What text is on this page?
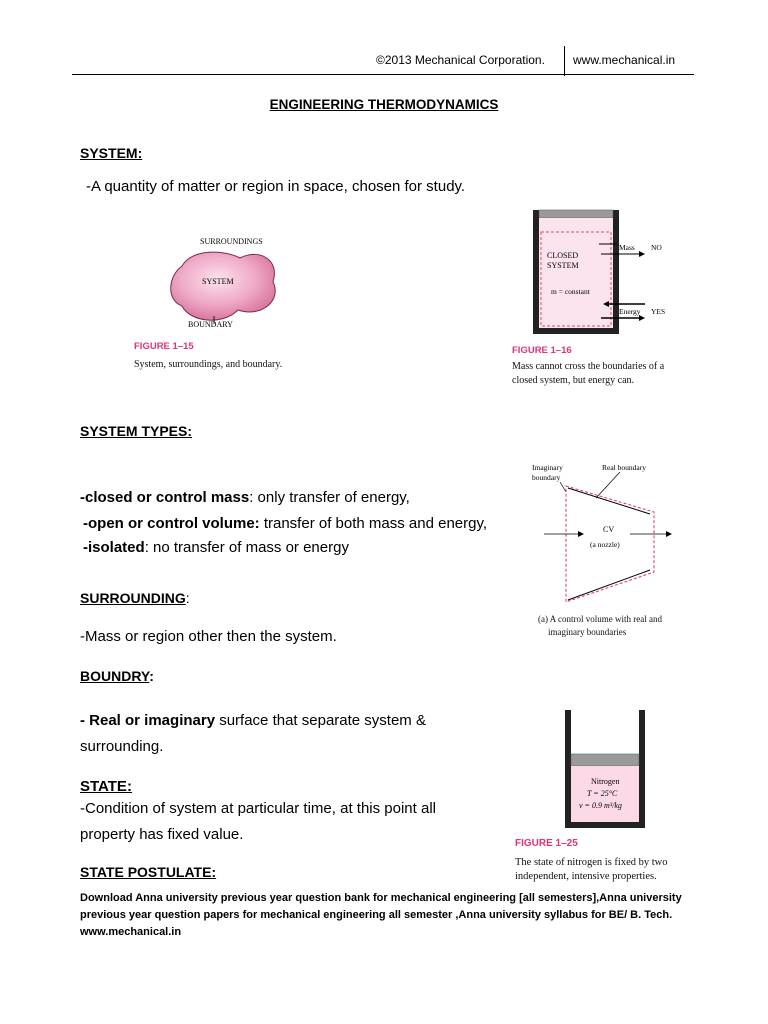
©2013 Mechanical Corporation. www.mechanical.in
ENGINEERING THERMODYNAMICS
SYSTEM:
-A quantity of matter or region in space, chosen for study.
SURROUNDINGS
SYSTEM
BOUNDARY
FIGURE 1–15
System, surroundings, and boundary.
CLOSED
SYSTEM
m = constant
Mass NO
Energy YES
FIGURE 1–16
Mass cannot cross the boundaries of a
closed system, but energy can.
SYSTEM TYPES:
-closed or control mass: only transfer of energy,
-open or control volume: transfer of both mass and energy,
-isolated: no transfer of mass or energy
Imaginary
boundary
Real boundary
CV
(a nozzle)
(a) A control volume with real and
imaginary boundaries
SURROUNDING:
-Mass or region other then the system.
BOUNDRY:
- Real or imaginary surface that separate system &
surrounding.
Nitrogen
T = 25°C
v = 0.9 m³/kg
FIGURE 1–25
The state of nitrogen is fixed by two
independent, intensive properties.
STATE:
-Condition of system at particular time, at this point all
property has fixed value.
STATE POSTULATE:
Download Anna university previous year question bank for mechanical engineering [all semesters],Anna university previous year question papers for mechanical engineering all semester ,Anna university syllabus for BE/ B. Tech. www.mechanical.in
